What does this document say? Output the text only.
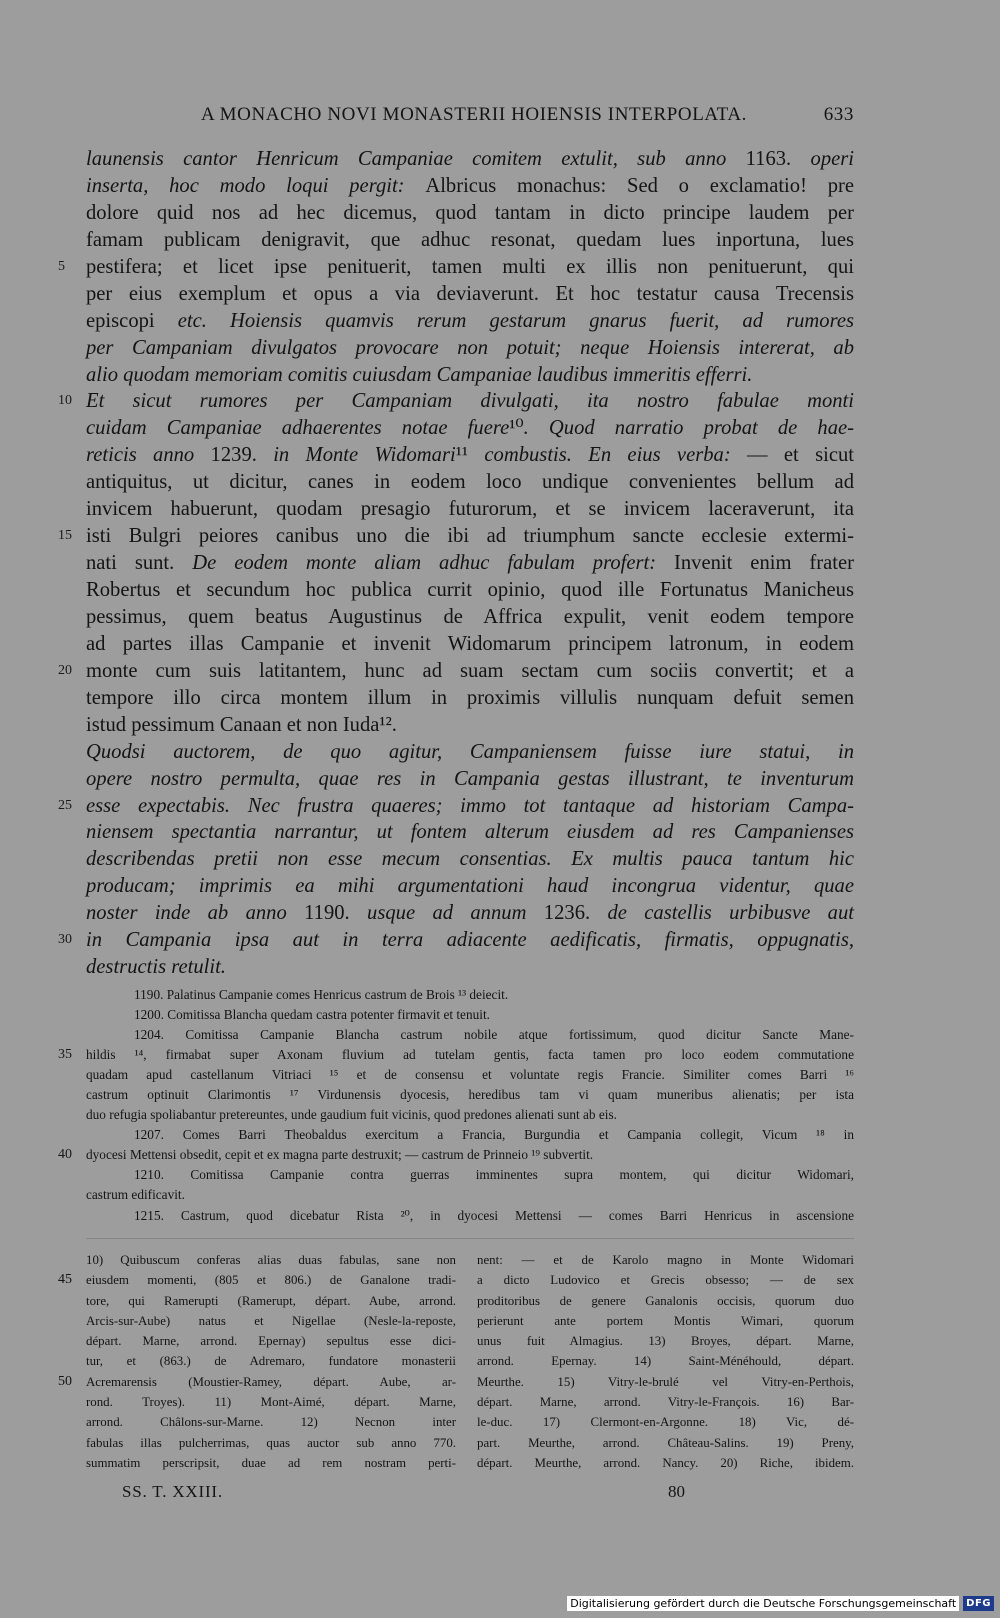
A MONACHO NOVI MONASTERII HOIENSIS INTERPOLATA.	633
launensis cantor Henricum Campaniae comitem extulit, sub anno 1163. operi
inserta, hoc modo loqui pergit: Albricus monachus: Sed o exclamatio! pre
dolore quid nos ad hec dicemus, quod tantam in dicto principe laudem per
famam publicam denigravit, que adhuc resonat, quedam lues inportuna, lues
5	pestifera; et licet ipse penituerit, tamen multi ex illis non penituerunt, qui
per eius exemplum et opus a via deviaverunt. Et hoc testatur causa Trecensis
episcopi etc. Hoiensis quamvis rerum gestarum gnarus fuerit, ad rumores
per Campaniam divulgatos provocare non potuit; neque Hoiensis intererat, ab
alio quodam memoriam comitis cuiusdam Campaniae laudibus immeritis efferri.
10 Et sicut rumores per Campaniam divulgati, ita nostro fabulae monti
cuidam Campaniae adhaerentes notae fuere¹⁰. Quod narratio probat de hae-
reticis anno 1239. in Monte Widomari¹¹ combustis. En eius verba: — et sicut
antiquitus, ut dicitur, canes in eodem loco undique convenientes bellum ad
invicem habuerunt, quodam presagio futurorum, et se invicem laceraverunt, ita
15 isti Bulgri peiores canibus uno die ibi ad triumphum sancte ecclesie extermi-
nati sunt. De eodem monte aliam adhuc fabulam profert: Invenit enim frater
Robertus et secundum hoc publica currit opinio, quod ille Fortunatus Manicheus
pessimus, quem beatus Augustinus de Affrica expulit, venit eodem tempore
ad partes illas Campanie et invenit Widomarum principem latronum, in eodem
20 monte cum suis latitantem, hunc ad suam sectam cum sociis convertit; et a
tempore illo circa montem illum in proximis villulis nunquam defuit semen
istud pessimum Canaan et non Iuda¹².
Quodsi auctorem, de quo agitur, Campaniensem fuisse iure statui, in
opere nostro permulta, quae res in Campania gestas illustrant, te inventurum
25 esse expectabis. Nec frustra quaeres; immo tot tantaque ad historiam Campa-
niensem spectantia narrantur, ut fontem alterum eiusdem ad res Campanienses
describendas pretii non esse mecum consentias. Ex multis pauca tantum hic
producam; imprimis ea mihi argumentationi haud incongrua videntur, quae
noster inde ab anno 1190. usque ad annum 1236. de castellis urbibusve aut
30 in Campania ipsa aut in terra adiacente aedificatis, firmatis, oppugnatis,
destructis retulit.
1190. Palatinus Campanie comes Henricus castrum de Brois ¹³ deiecit.
1200. Comitissa Blancha quedam castra potenter firmavit et tenuit.
1204. Comitissa Campanie Blancha castrum nobile atque fortissimum, quod dicitur Sancte Mane-
35	hildis ¹⁴, firmabat super Axonam fluvium ad tutelam gentis, facta tamen pro loco eodem commutatione
quadam apud castellanum Vitriaci ¹⁵ et de consensu et voluntate regis Francie. Similiter comes Barri ¹⁶
castrum optinuit Clarimontis ¹⁷ Virdunensis dyocesis, heredibus tam vi quam muneribus alienatis; per ista
duo refugia spoliabantur pretereuntes, unde gaudium fuit vicinis, quod predones alienati sunt ab eis.
1207. Comes Barri Theobaldus exercitum a Francia, Burgundia et Campania collegit, Vicum ¹⁸ in
40	dyocesi Mettensi obsedit, cepit et ex magna parte destruxit; — castrum de Prinneio ¹⁹ subvertit.
1210. Comitissa Campanie contra guerras imminentes supra montem, qui dicitur Widomari,
castrum edificavit.
1215. Castrum, quod dicebatur Rista ²⁰, in dyocesi Mettensi — comes Barri Henricus in ascensione
10) Quibuscum conferas alias duas fabulas, sane non
45	eiusdem momenti, (805 et 806.) de Ganalone tradi-
tore, qui Ramerupti (Ramerupt, départ. Aube, arrond.
Arcis-sur-Aube) natus et Nigellae (Nesle-la-reposte,
départ. Marne, arrond. Epernay) sepultus esse dici-
tur, et (863.) de Adremaro, fundatore monasterii
50	Acremarensis (Moustier-Ramey, départ. Aube, ar-
rond. Troyes). 11) Mont-Aimé, départ. Marne,
arrond. Châlons-sur-Marne. 12) Necnon inter
fabulas illas pulcherrimas, quas auctor sub anno 770.
summatim perscripsit, duae ad rem nostram perti-
nent: — et de Karolo magno in Monte Widomari
a dicto Ludovico et Grecis obsesso; — de sex
proditoribus de genere Ganalonis occisis, quorum duo
perierunt ante portem Montis Wimari, quorum
unus fuit Almagius. 13) Broyes, départ. Marne,
arrond. Epernay. 14) Saint-Ménéhould, départ.
Meurthe. 15) Vitry-le-brulé vel Vitry-en-Perthois,
départ. Marne, arrond. Vitry-le-François. 16) Bar-
le-duc. 17) Clermont-en-Argonne. 18) Vic, dé-
part. Meurthe, arrond. Château-Salins. 19) Preny,
départ. Meurthe, arrond. Nancy. 20) Riche, ibidem.
SS. T. XXIII.	80
Digitalisierung gefördert durch die Deutsche Forschungsgemeinschaft	DFG
